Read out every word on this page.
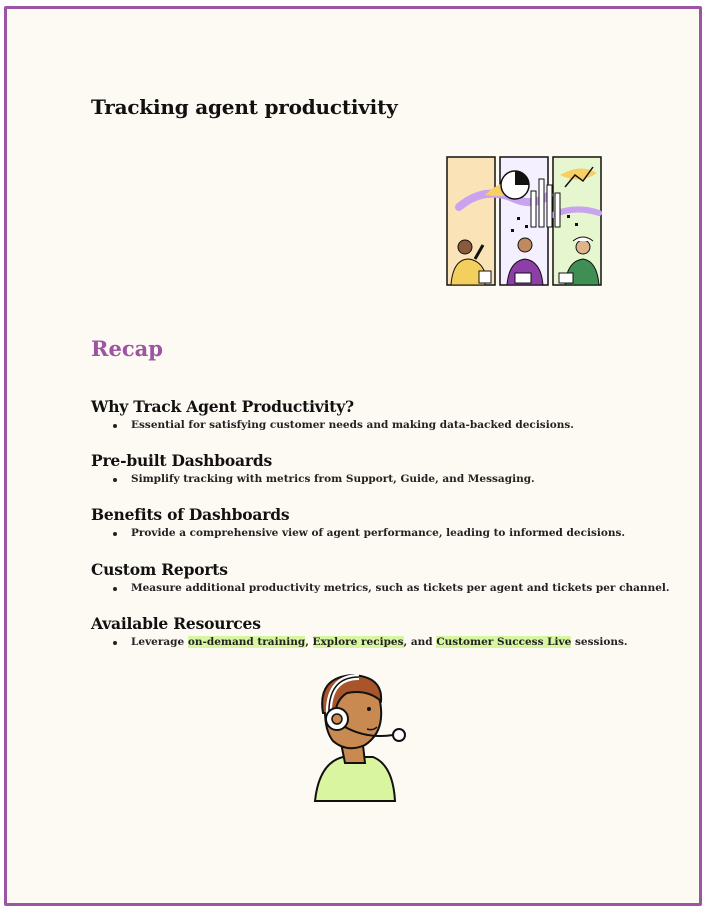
Tracking agent productivity
Recap
Why Track Agent Productivity?
Essential for satisfying customer needs and making data-backed decisions.
Pre-built Dashboards
Simplify tracking with metrics from Support, Guide, and Messaging.
Benefits of Dashboards
Provide a comprehensive view of agent performance, leading to informed decisions.
Custom Reports
Measure additional productivity metrics, such as tickets per agent and tickets per channel.
Available Resources
Leverage on-demand training, Explore recipes, and Customer Success Live sessions.
